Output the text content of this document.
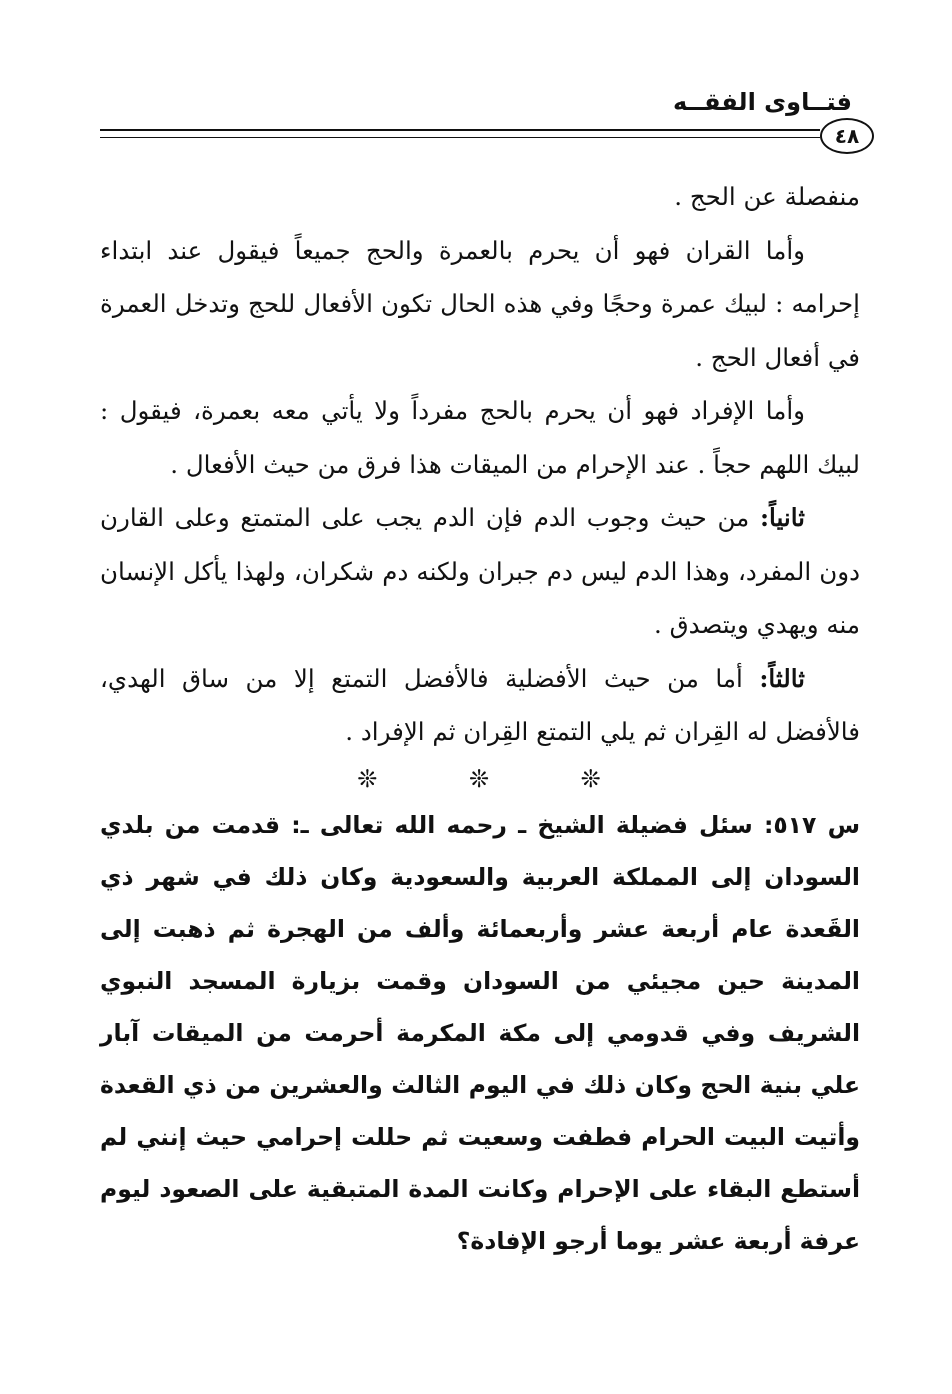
فتــاوى الفقــه
٤٨

منفصلة عن الحج .

وأما القران فهو أن يحرم بالعمرة والحج جميعاً فيقول عند ابتداء إحرامه : لبيك عمرة وحجًا وفي هذه الحال تكون الأفعال للحج وتدخل العمرة في أفعال الحج .

وأما الإفراد فهو أن يحرم بالحج مفرداً ولا يأتي معه بعمرة، فيقول : لبيك اللهم حجاً . عند الإحرام من الميقات هذا فرق من حيث الأفعال .

ثانياً: من حيث وجوب الدم فإن الدم يجب على المتمتع وعلى القارن دون المفرد، وهذا الدم ليس دم جبران ولكنه دم شكران، ولهذا يأكل الإنسان منه ويهدي ويتصدق .

ثالثاً: أما من حيث الأفضلية فالأفضل التمتع إلا من ساق الهدي، فالأفضل له القِران ثم يلي التمتع القِران ثم الإفراد .

❊ ❊ ❊

س ٥١٧: سئل فضيلة الشيخ ـ رحمه الله تعالى ـ: قدمت من بلدي السودان إلى المملكة العربية والسعودية وكان ذلك في شهر ذي القَعدة عام أربعة عشر وأربعمائة وألف من الهجرة ثم ذهبت إلى المدينة حين مجيئي من السودان وقمت بزيارة المسجد النبوي الشريف وفي قدومي إلى مكة المكرمة أحرمت من الميقات آبار علي بنية الحج وكان ذلك في اليوم الثالث والعشرين من ذي القعدة وأتيت البيت الحرام فطفت وسعيت ثم حللت إحرامي حيث إنني لم أستطع البقاء على الإحرام وكانت المدة المتبقية على الصعود ليوم عرفة أربعة عشر يوما أرجو الإفادة؟
